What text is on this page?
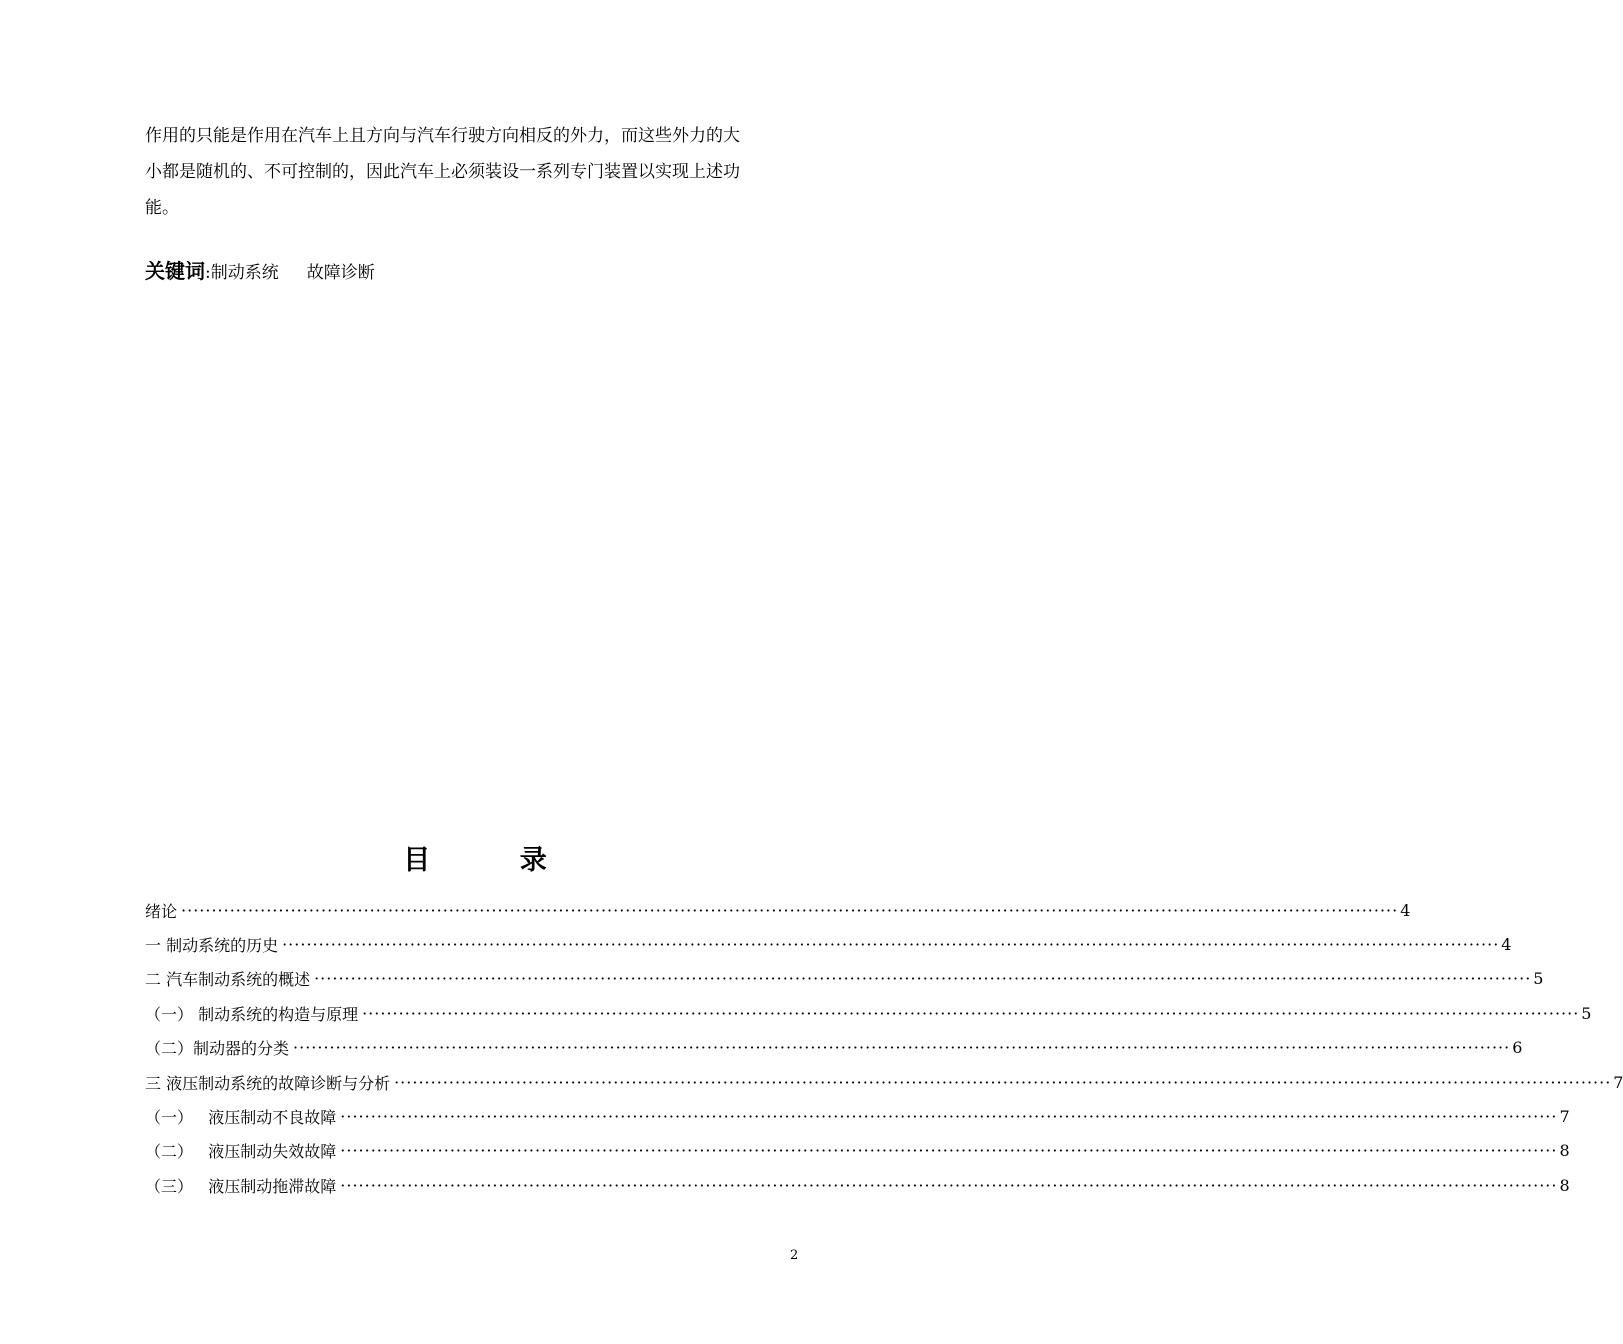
作用的只能是作用在汽车上且方向与汽车行驶方向相反的外力，而这些外力的大

小都是随机的、不可控制的，因此汽车上必须装设一系列专门装置以实现上述功

能。

关键词:制动系统 故障诊断
目 录
绪论 ········································································································································································································ 4
一 制动系统的历史 ········································································································································································································ 4
二 汽车制动系统的概述 ········································································································································································································ 5
（一） 制动系统的构造与原理 ········································································································································································································ 5
（二）制动器的分类 ········································································································································································································ 6
三 液压制动系统的故障诊断与分析 ········································································································································································································ 7
（一）   液压制动不良故障 ········································································································································································································ 7
（二）   液压制动失效故障 ········································································································································································································ 8
（三）   液压制动拖滞故障 ········································································································································································································ 8
2
